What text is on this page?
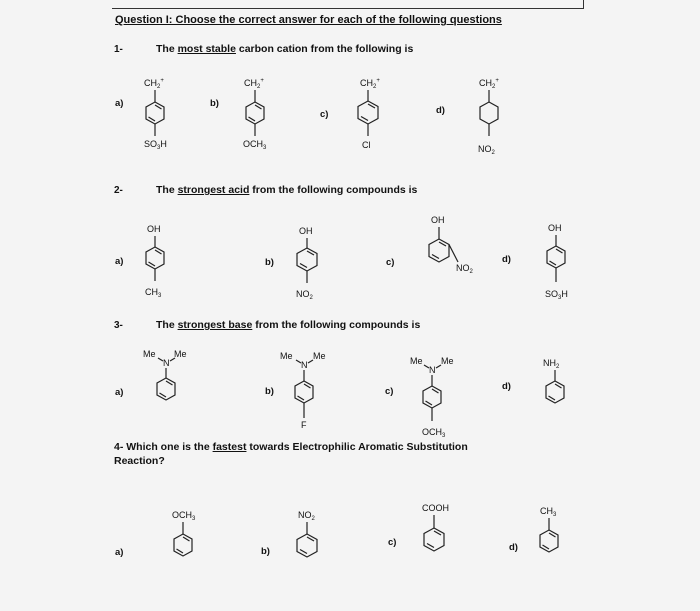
Question I: Choose the correct answer for each of the following questions
1-	The most stable carbon cation from the following is
2-	The strongest acid from the following compounds is
3-	The strongest base from the following compounds is
4- Which one is the fastest towards Electrophilic Aromatic Substitution
Reaction?
a)	b)
c)	d)
a)	b)	c)	d)
a)	b)	c)	d)
a)	b)
c)	d)
$CH_2^+$
$SO_3H$
$CH_2^+$
$OCH_3$
$CH_2^+$
Cl
$CH_2^+$
$NO_2$
OH
$CH_3$
OH
$NO_2$
OH
$NO_2$
OH
$SO_3H$
Me
N
Me	Me
N
Me
F
Me
N
Me
$OCH_3$
$NH_2$
$OCH_3$	$NO_2$
COOH	$CH_3$
